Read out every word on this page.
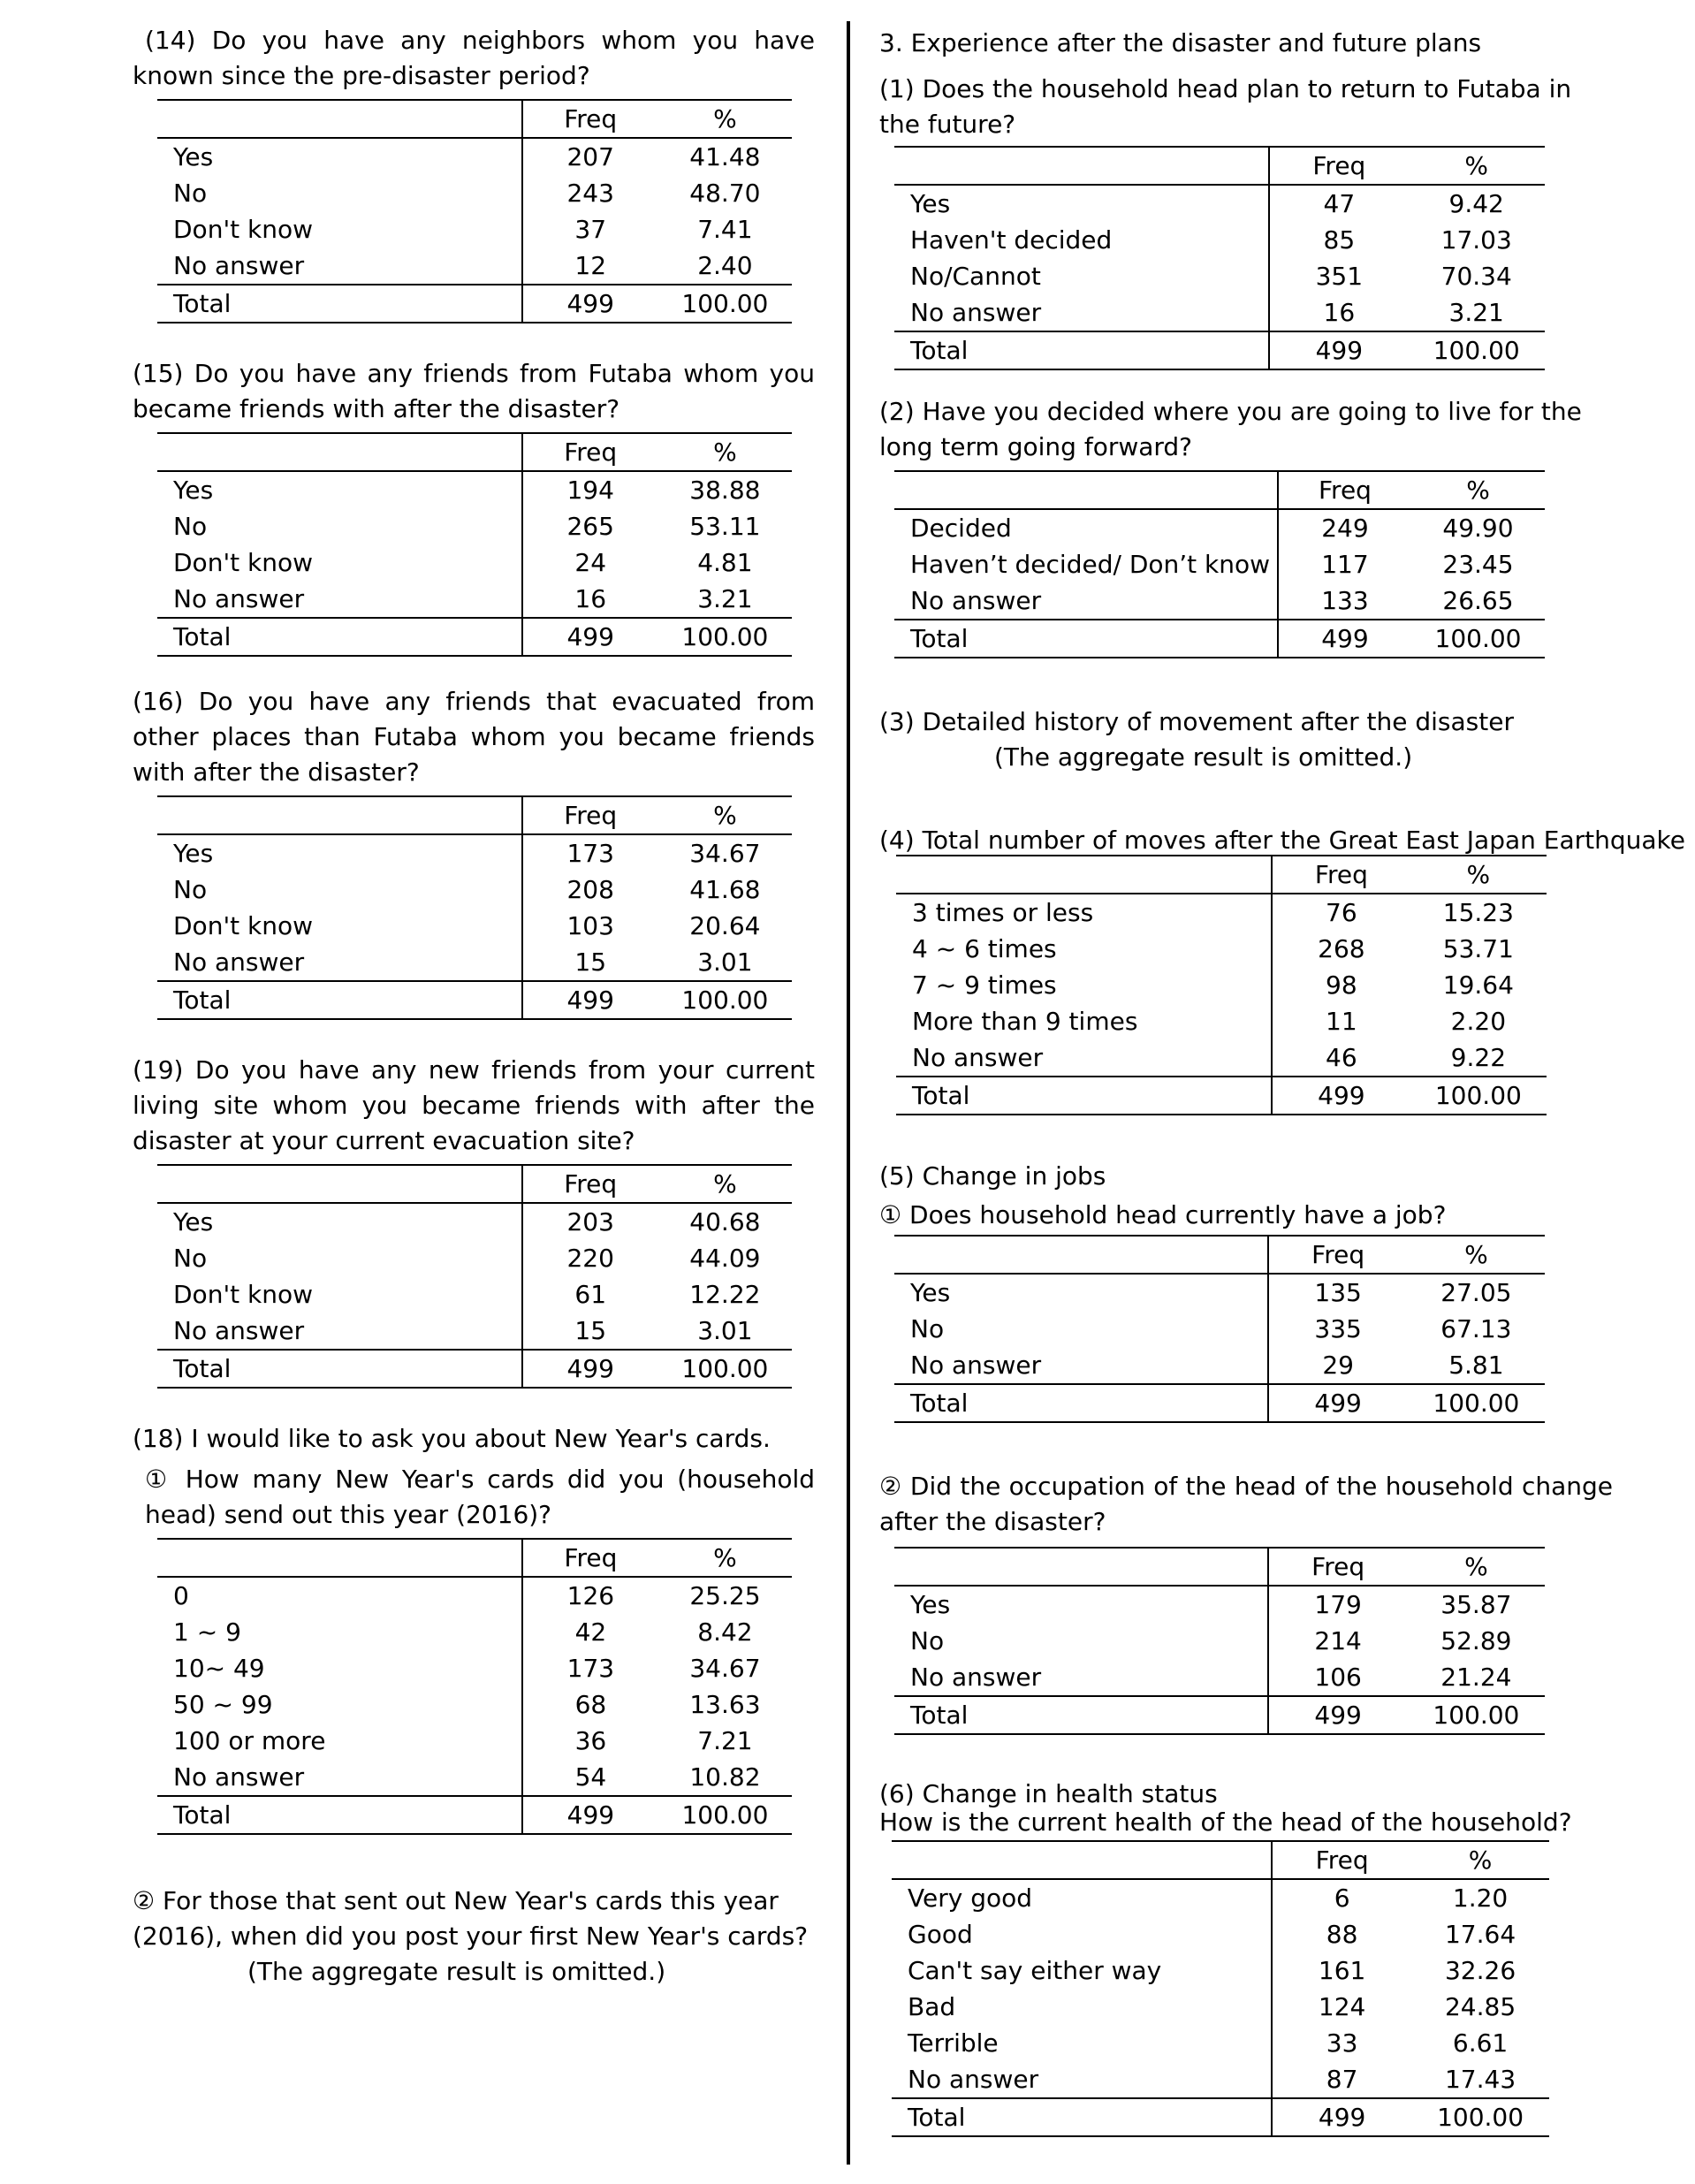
(14) Do you have any neighbors whom you have known since the pre-disaster period?

	Freq	%
Yes	207	41.48
No	243	48.70
Don't know	37	7.41
No answer	12	2.40
Total	499	100.00

(15) Do you have any friends from Futaba whom you became friends with after the disaster?

	Freq	%
Yes	194	38.88
No	265	53.11
Don't know	24	4.81
No answer	16	3.21
Total	499	100.00

(16) Do you have any friends that evacuated from other places than Futaba whom you became friends with after the disaster?

	Freq	%
Yes	173	34.67
No	208	41.68
Don't know	103	20.64
No answer	15	3.01
Total	499	100.00

(19) Do you have any new friends from your current living site whom you became friends with after the disaster at your current evacuation site?

	Freq	%
Yes	203	40.68
No	220	44.09
Don't know	61	12.22
No answer	15	3.01
Total	499	100.00

(18) I would like to ask you about New Year's cards.

① How many New Year's cards did you (household head) send out this year (2016)?

	Freq	%
0	126	25.25
1 ~ 9	42	8.42
10~ 49	173	34.67
50 ~ 99	68	13.63
100 or more	36	7.21
No answer	54	10.82
Total	499	100.00

② For those that sent out New Year's cards this year (2016), when did you post your first New Year's cards?

(The aggregate result is omitted.)

3. Experience after the disaster and future plans

(1) Does the household head plan to return to Futaba in the future?

	Freq	%
Yes	47	9.42
Haven't decided	85	17.03
No/Cannot	351	70.34
No answer	16	3.21
Total	499	100.00

(2) Have you decided where you are going to live for the long term going forward?

	Freq	%
Decided	249	49.90
Haven’t decided/ Don’t know	117	23.45
No answer	133	26.65
Total	499	100.00

(3) Detailed history of movement after the disaster

(The aggregate result is omitted.)

(4) Total number of moves after the Great East Japan Earthquake

	Freq	%
3 times or less	76	15.23
4 ~ 6 times	268	53.71
7 ~ 9 times	98	19.64
More than 9 times	11	2.20
No answer	46	9.22
Total	499	100.00

(5) Change in jobs

① Does household head currently have a job?

	Freq	%
Yes	135	27.05
No	335	67.13
No answer	29	5.81
Total	499	100.00

② Did the occupation of the head of the household change after the disaster?

	Freq	%
Yes	179	35.87
No	214	52.89
No answer	106	21.24
Total	499	100.00

(6) Change in health status

How is the current health of the head of the household?

	Freq	%
Very good	6	1.20
Good	88	17.64
Can't say either way	161	32.26
Bad	124	24.85
Terrible	33	6.61
No answer	87	17.43
Total	499	100.00
